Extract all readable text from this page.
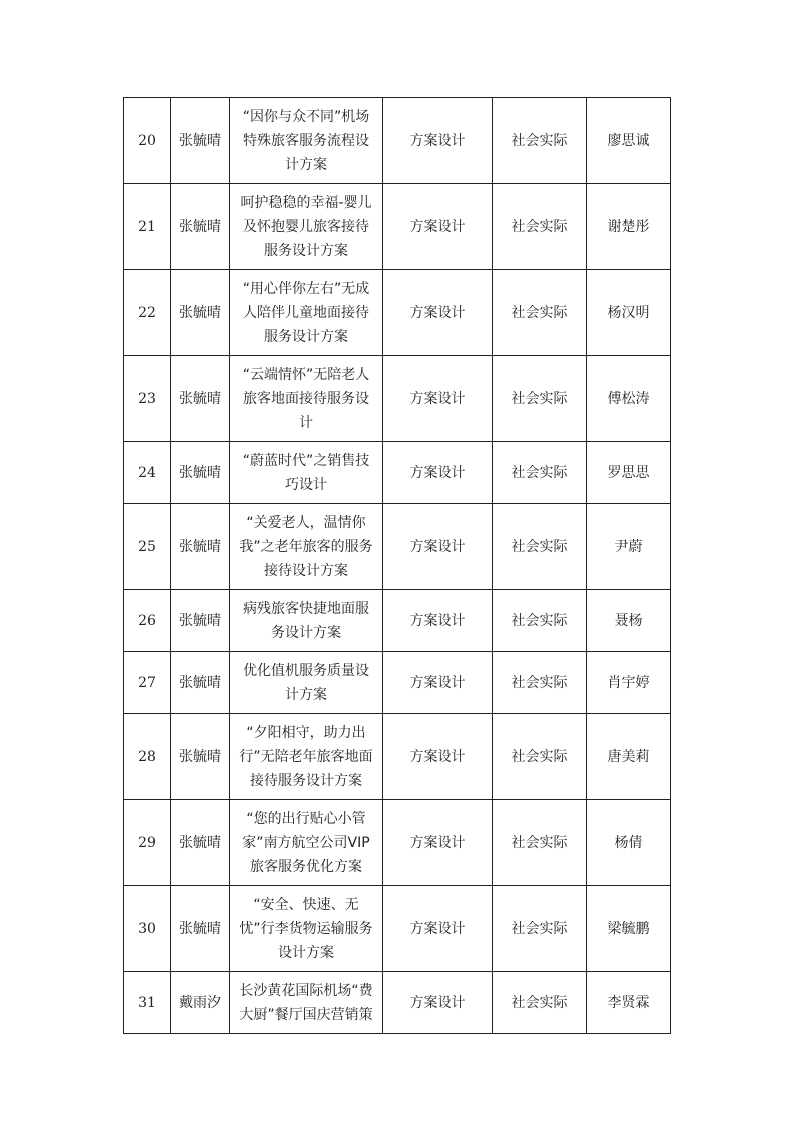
20	张毓晴	“因你与众不同”机场特殊旅客服务流程设计方案	方案设计	社会实际	廖思诚
21	张毓晴	呵护稳稳的幸福-婴儿及怀抱婴儿旅客接待服务设计方案	方案设计	社会实际	谢楚彤
22	张毓晴	“用心伴你左右”无成人陪伴儿童地面接待服务设计方案	方案设计	社会实际	杨汉明
23	张毓晴	“云端情怀”无陪老人旅客地面接待服务设计	方案设计	社会实际	傅松涛
24	张毓晴	“蔚蓝时代”之销售技巧设计	方案设计	社会实际	罗思思
25	张毓晴	“关爱老人，温情你我”之老年旅客的服务接待设计方案	方案设计	社会实际	尹蔚
26	张毓晴	病残旅客快捷地面服务设计方案	方案设计	社会实际	聂杨
27	张毓晴	优化值机服务质量设计方案	方案设计	社会实际	肖宇婷
28	张毓晴	“夕阳相守，助力出行”无陪老年旅客地面接待服务设计方案	方案设计	社会实际	唐美莉
29	张毓晴	“您的出行贴心小管家”南方航空公司VIP旅客服务优化方案	方案设计	社会实际	杨倩
30	张毓晴	“安全、快速、无忧”行李货物运输服务设计方案	方案设计	社会实际	梁毓鹏
31	戴雨汐	长沙黄花国际机场“费大厨”餐厅国庆营销策	方案设计	社会实际	李贤霖
